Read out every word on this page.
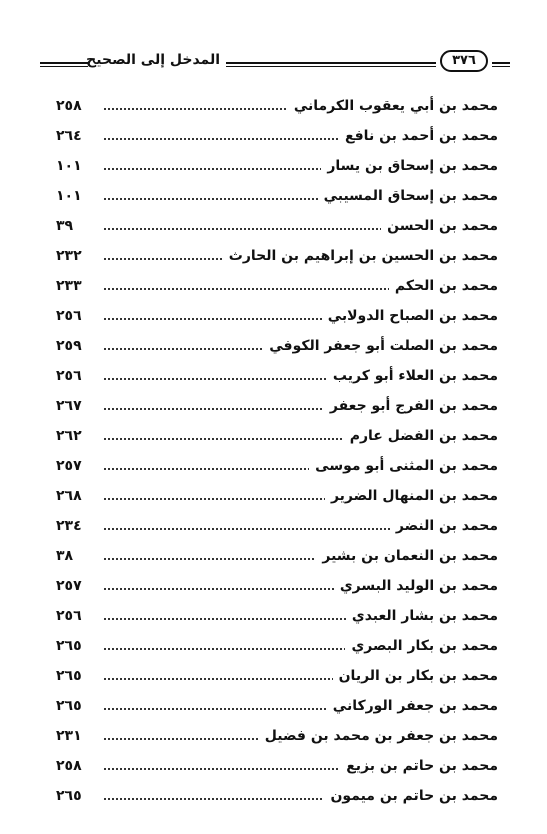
المدخل إلى الصحيح	٣٧٦
محمد بن أبي يعقوب الكرماني
٢٥٨
محمد بن أحمد بن نافع
٢٦٤
محمد بن إسحاق بن يسار
١٠١
محمد بن إسحاق المسيبي
١٠١
محمد بن الحسن
٣٩
محمد بن الحسين بن إبراهيم بن الحارث
٢٣٢
محمد بن الحكم
٢٣٣
محمد بن الصباح الدولابي
٢٥٦
محمد بن الصلت أبو جعفر الكوفي
٢٥٩
محمد بن العلاء أبو كريب
٢٥٦
محمد بن الفرج أبو جعفر
٢٦٧
محمد بن الفضل عارم
٢٦٢
محمد بن المثنى أبو موسى
٢٥٧
محمد بن المنهال الضرير
٢٦٨
محمد بن النضر
٢٣٤
محمد بن النعمان بن بشير
٣٨
محمد بن الوليد البسري
٢٥٧
محمد بن بشار العبدي
٢٥٦
محمد بن بكار البصري
٢٦٥
محمد بن بكار بن الريان
٢٦٥
محمد بن جعفر الوركاني
٢٦٥
محمد بن جعفر بن محمد بن فضيل
٢٣١
محمد بن حاتم بن بزيع
٢٥٨
محمد بن حاتم بن ميمون
٢٦٥
